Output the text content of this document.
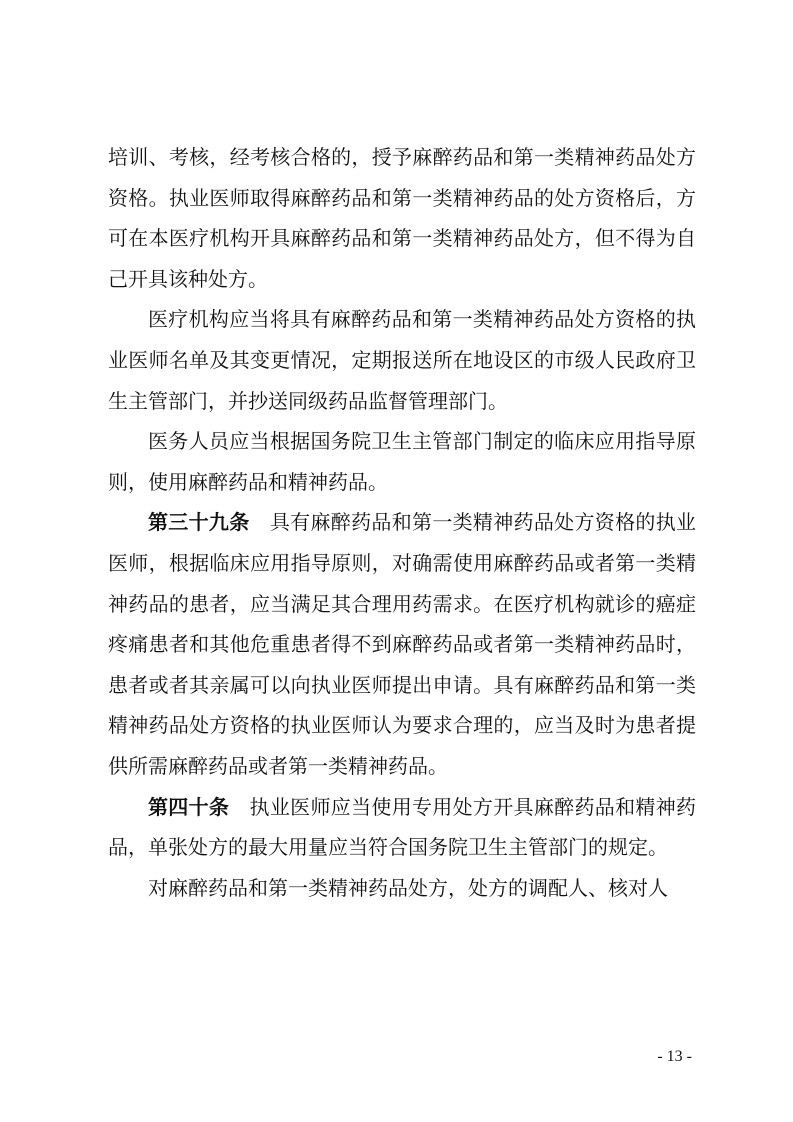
培训、考核，经考核合格的，授予麻醉药品和第一类精神药品处方资格。执业医师取得麻醉药品和第一类精神药品的处方资格后，方可在本医疗机构开具麻醉药品和第一类精神药品处方，但不得为自己开具该种处方。

医疗机构应当将具有麻醉药品和第一类精神药品处方资格的执业医师名单及其变更情况，定期报送所在地设区的市级人民政府卫生主管部门，并抄送同级药品监督管理部门。

医务人员应当根据国务院卫生主管部门制定的临床应用指导原则，使用麻醉药品和精神药品。

第三十九条 具有麻醉药品和第一类精神药品处方资格的执业医师，根据临床应用指导原则，对确需使用麻醉药品或者第一类精神药品的患者，应当满足其合理用药需求。在医疗机构就诊的癌症疼痛患者和其他危重患者得不到麻醉药品或者第一类精神药品时，患者或者其亲属可以向执业医师提出申请。具有麻醉药品和第一类精神药品处方资格的执业医师认为要求合理的，应当及时为患者提供所需麻醉药品或者第一类精神药品。

第四十条 执业医师应当使用专用处方开具麻醉药品和精神药品，单张处方的最大用量应当符合国务院卫生主管部门的规定。

对麻醉药品和第一类精神药品处方，处方的调配人、核对人

- 13 -
